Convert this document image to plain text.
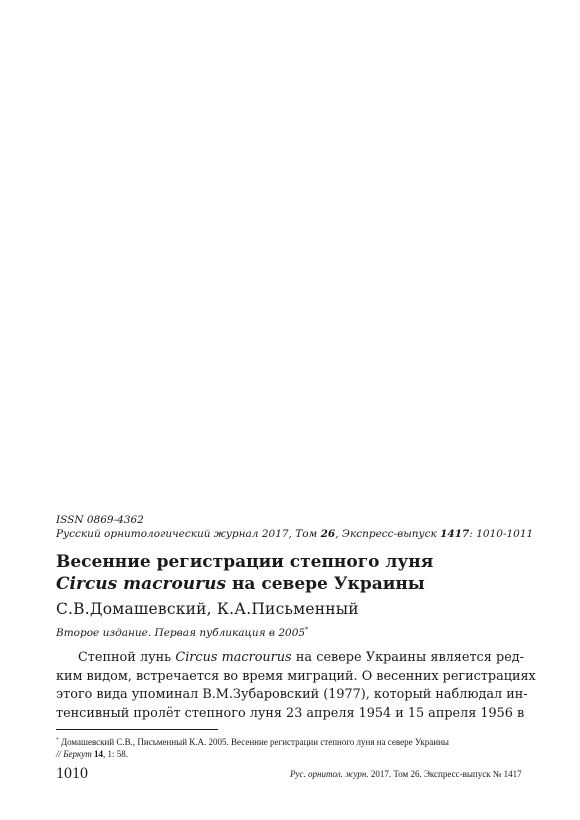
ISSN 0869-4362
Русский орнитологический журнал 2017, Том 26, Экспресс-выпуск 1417: 1010-1011
Весенние регистрации степного луня
Circus macrourus на севере Украины
С.В.Домашевский, К.А.Письменный
Второе издание. Первая публикация в 2005*
Степной лунь Circus macrourus на севере Украины является ред-
ким видом, встречается во время миграций. О весенних регистрациях
этого вида упоминал В.М.Зубаровский (1977), который наблюдал ин-
тенсивный пролёт степного луня 23 апреля 1954 и 15 апреля 1956 в
* Домашевский С.В., Письменный К.А. 2005. Весенние регистрации степного луня на севере Украины
// Беркут 14, 1: 58.
1010	Рус. орнитол. журн. 2017. Том 26. Экспресс-выпуск № 1417
